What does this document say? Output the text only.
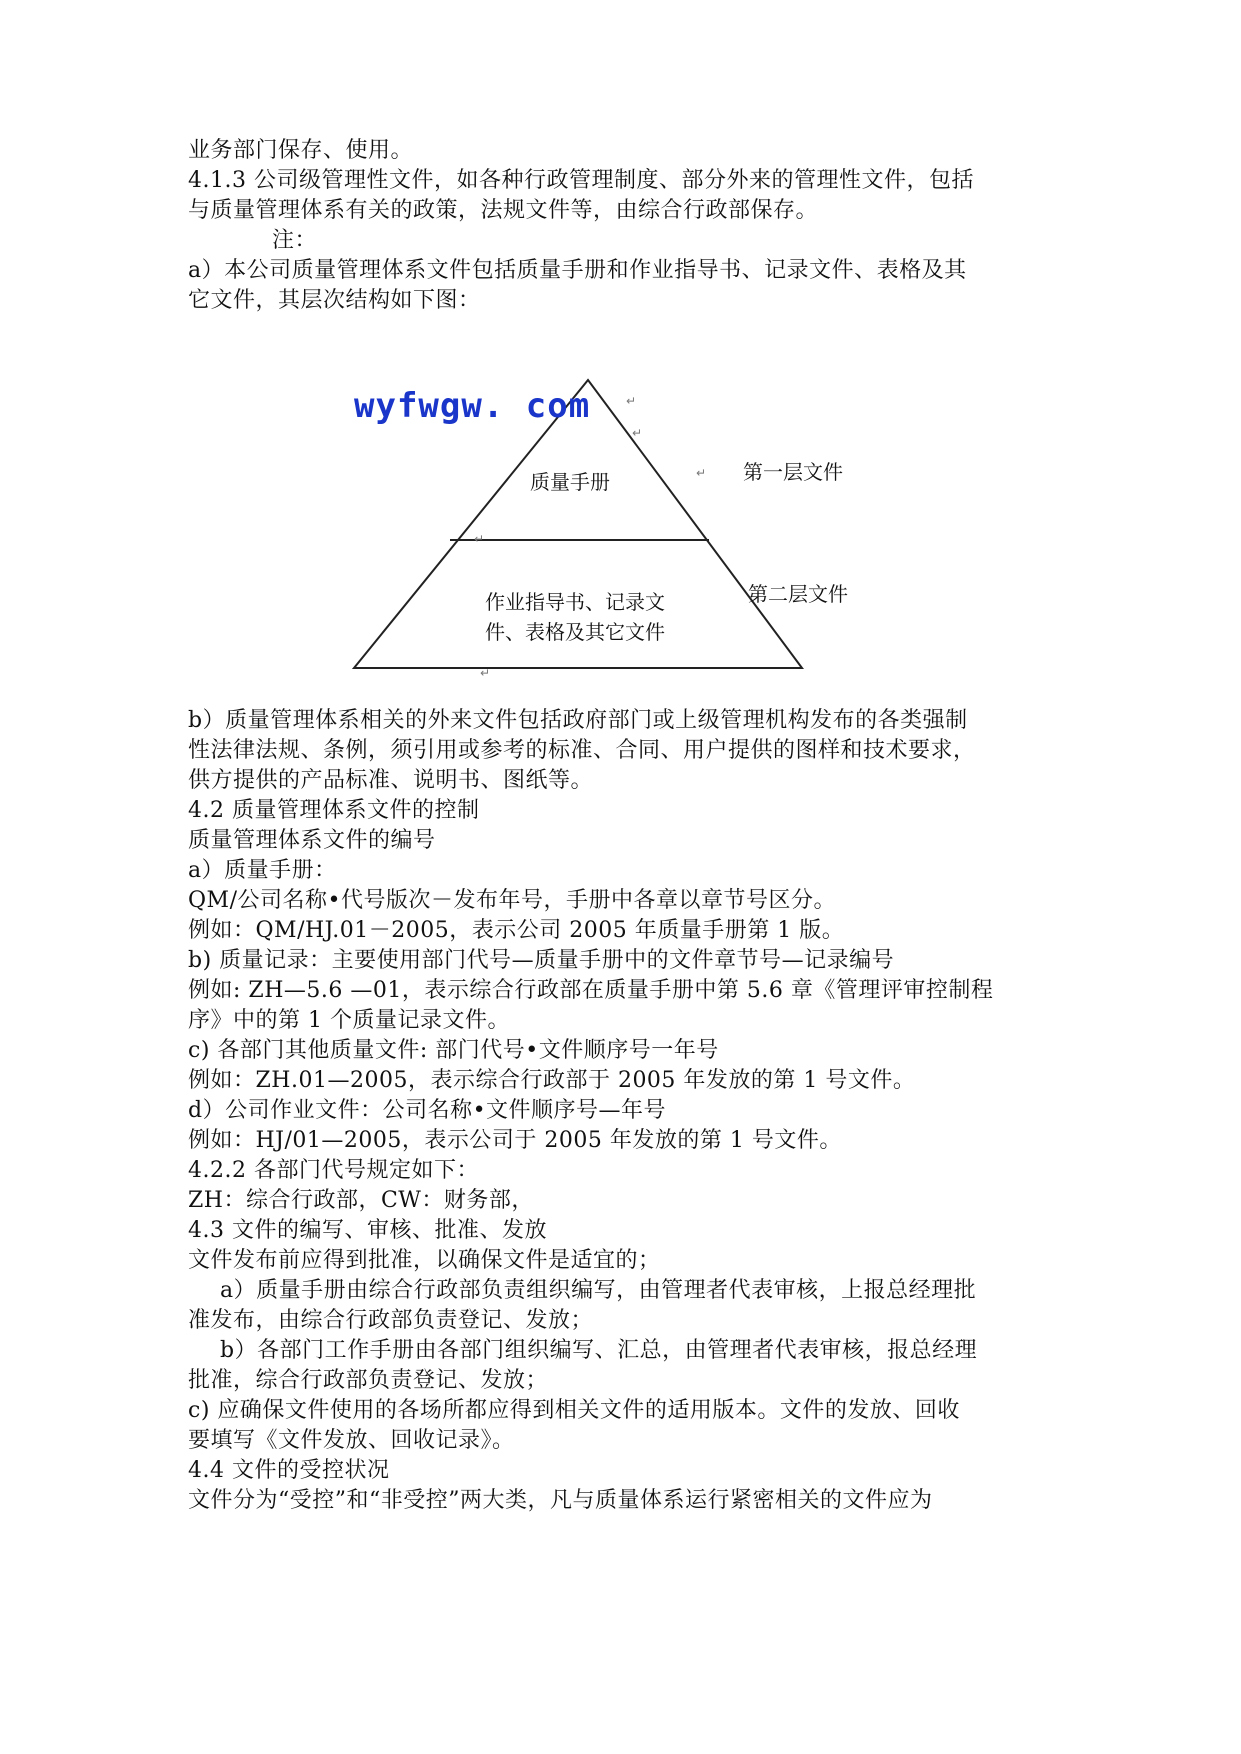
业务部门保存、使用。
4.1.3 公司级管理性文件，如各种行政管理制度、部分外来的管理性文件，包括
与质量管理体系有关的政策，法规文件等，由综合行政部保存。
注：
a）本公司质量管理体系文件包括质量手册和作业指导书、记录文件、表格及其
它文件，其层次结构如下图：
wyfwgw. com	↵
↵
↵
↵
↵
质量手册
作业指导书、记录文
件、表格及其它文件
第一层文件
第二层文件
b）质量管理体系相关的外来文件包括政府部门或上级管理机构发布的各类强制
性法律法规、条例，须引用或参考的标准、合同、用户提供的图样和技术要求，
供方提供的产品标准、说明书、图纸等。
4.2 质量管理体系文件的控制
质量管理体系文件的编号
a）质量手册：
QM/公司名称•代号版次－发布年号，手册中各章以章节号区分。
例如：QM/HJ.01－2005，表示公司 2005 年质量手册第 1 版。
b) 质量记录：主要使用部门代号—质量手册中的文件章节号—记录编号
例如: ZH—5.6 —01，表示综合行政部在质量手册中第 5.6 章《管理评审控制程
序》中的第 1 个质量记录文件。
c) 各部门其他质量文件: 部门代号•文件顺序号一年号
例如：ZH.01—2005，表示综合行政部于 2005 年发放的第 1 号文件。
d）公司作业文件：公司名称•文件顺序号—年号
例如：HJ/01—2005，表示公司于 2005 年发放的第 1 号文件。
4.2.2 各部门代号规定如下：
ZH：综合行政部，CW：财务部，
4.3 文件的编写、审核、批准、发放
文件发布前应得到批准，以确保文件是适宜的；
a）质量手册由综合行政部负责组织编写，由管理者代表审核，上报总经理批
准发布，由综合行政部负责登记、发放；
b）各部门工作手册由各部门组织编写、汇总，由管理者代表审核，报总经理
批准，综合行政部负责登记、发放；
c) 应确保文件使用的各场所都应得到相关文件的适用版本。文件的发放、回收
要填写《文件发放、回收记录》。
4.4 文件的受控状况
文件分为“受控”和“非受控”两大类，凡与质量体系运行紧密相关的文件应为
